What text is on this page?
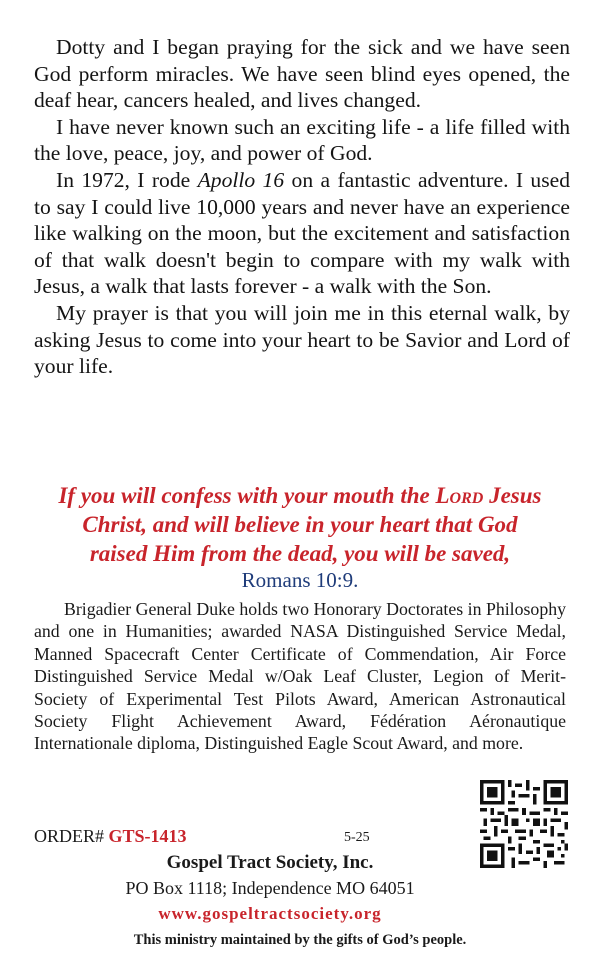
Dotty and I began praying for the sick and we have seen God perform miracles. We have seen blind eyes opened, the deaf hear, cancers healed, and lives changed.

I have never known such an exciting life - a life filled with the love, peace, joy, and power of God.

In 1972, I rode Apollo 16 on a fantastic adventure. I used to say I could live 10,000 years and never have an experience like walking on the moon, but the excitement and satisfaction of that walk doesn't begin to compare with my walk with Jesus, a walk that lasts forever - a walk with the Son.

My prayer is that you will join me in this eternal walk, by asking Jesus to come into your heart to be Savior and Lord of your life.

If you will confess with your mouth the Lord Jesus
Christ, and will believe in your heart that God
raised Him from the dead, you will be saved,
Romans 10:9.

Brigadier General Duke holds two Honorary Doctorates in Philosophy and one in Humanities; awarded NASA Distinguished Service Medal, Manned Spacecraft Center Certificate of Commendation, Air Force Distinguished Service Medal w/Oak Leaf Cluster, Legion of Merit-Society of Experimental Test Pilots Award, American Astronautical Society Flight Achievement Award, Fédération Aéronautique Internationale diploma, Distinguished Eagle Scout Award, and more.

ORDER# GTS-1413	5-25
Gospel Tract Society, Inc.
PO Box 1118; Independence MO 64051
www.gospeltractsociety.org
This ministry maintained by the gifts of God’s people.
